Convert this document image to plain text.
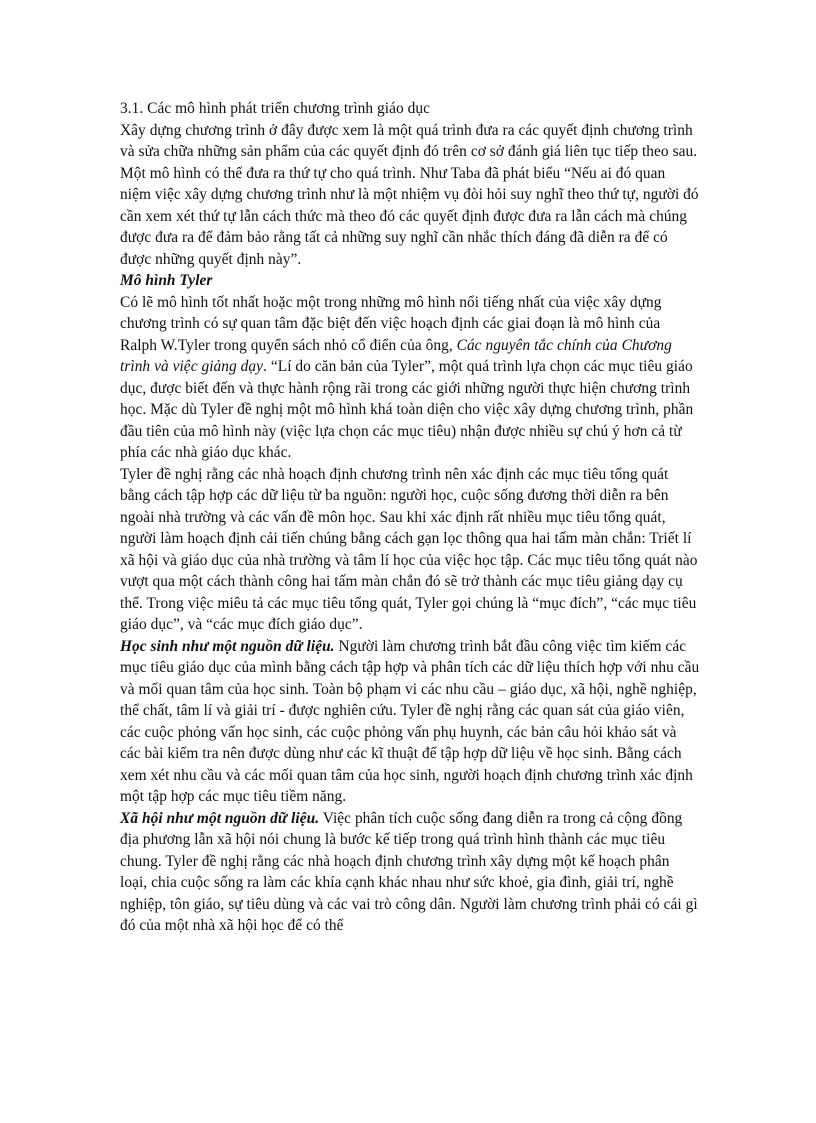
3.1. Các mô hình phát triển chương trình giáo dục

Xây dựng chương trình ở đây được xem là một quá trình đưa ra các quyết định chương trình và sửa chữa những sản phẩm của các quyết định đó trên cơ sở đánh giá liên tục tiếp theo sau.

Một mô hình có thể đưa ra thứ tự cho quá trình. Như Taba đã phát biểu “Nếu ai đó quan niệm việc xây dựng chương trình như là một nhiệm vụ đòi hỏi suy nghĩ theo thứ tự, người đó cần xem xét thứ tự lẫn cách thức mà theo đó các quyết định được đưa ra lẫn cách mà chúng được đưa ra để đảm bảo rằng tất cả những suy nghĩ cần nhắc thích đáng đã diễn ra để có được những quyết định này”.

Mô hình Tyler

Có lẽ mô hình tốt nhất hoặc một trong những mô hình nổi tiếng nhất của việc xây dựng chương trình có sự quan tâm đặc biệt đến việc hoạch định các giai đoạn là mô hình của Ralph W.Tyler trong quyển sách nhỏ cổ điển của ông, Các nguyên tắc chính của Chương trình và việc giảng dạy. “Lí do căn bản của Tyler”, một quá trình lựa chọn các mục tiêu giáo dục, được biết đến và thực hành rộng rãi trong các giới những người thực hiện chương trình học. Mặc dù Tyler đề nghị một mô hình khá toàn diện cho việc xây dựng chương trình, phần đầu tiên của mô hình này (việc lựa chọn các mục tiêu) nhận được nhiều sự chú ý hơn cả từ phía các nhà giáo dục khác.

Tyler đề nghị rằng các nhà hoạch định chương trình nên xác định các mục tiêu tổng quát bằng cách tập hợp các dữ liệu từ ba nguồn: người học, cuộc sống đương thời diễn ra bên ngoài nhà trường và các vấn đề môn học. Sau khi xác định rất nhiều mục tiêu tổng quát, người làm hoạch định cải tiến chúng bằng cách gạn lọc thông qua hai tấm màn chắn: Triết lí xã hội và giáo dục của nhà trường và tâm lí học của việc học tập. Các mục tiêu tổng quát nào vượt qua một cách thành công hai tấm màn chắn đó sẽ trở thành các mục tiêu giảng dạy cụ thể. Trong việc miêu tả các mục tiêu tổng quát, Tyler gọi chúng là “mục đích”, “các mục tiêu giáo dục”, và “các mục đích giáo dục”.

Học sinh như một nguồn dữ liệu. Người làm chương trình bắt đầu công việc tìm kiếm các mục tiêu giáo dục của mình bằng cách tập hợp và phân tích các dữ liệu thích hợp với nhu cầu và mối quan tâm của học sinh. Toàn bộ phạm vi các nhu cầu – giáo dục, xã hội, nghề nghiệp, thể chất, tâm lí và giải trí - được nghiên cứu. Tyler đề nghị rằng các quan sát của giáo viên, các cuộc phỏng vấn học sinh, các cuộc phỏng vấn phụ huynh, các bản câu hỏi khảo sát và các bài kiểm tra nên được dùng như các kĩ thuật để tập hợp dữ liệu về học sinh. Bằng cách xem xét nhu cầu và các mối quan tâm của học sinh, người hoạch định chương trình xác định một tập hợp các mục tiêu tiềm năng.

Xã hội như một nguồn dữ liệu. Việc phân tích cuộc sống đang diễn ra trong cả cộng đồng địa phương lẫn xã hội nói chung là bước kế tiếp trong quá trình hình thành các mục tiêu chung. Tyler đề nghị rằng các nhà hoạch định chương trình xây dựng một kế hoạch phân loại, chia cuộc sống ra làm các khía cạnh khác nhau như sức khoẻ, gia đình, giải trí, nghề nghiệp, tôn giáo, sự tiêu dùng và các vai trò công dân. Người làm chương trình phải có cái gì đó của một nhà xã hội học để có thể
